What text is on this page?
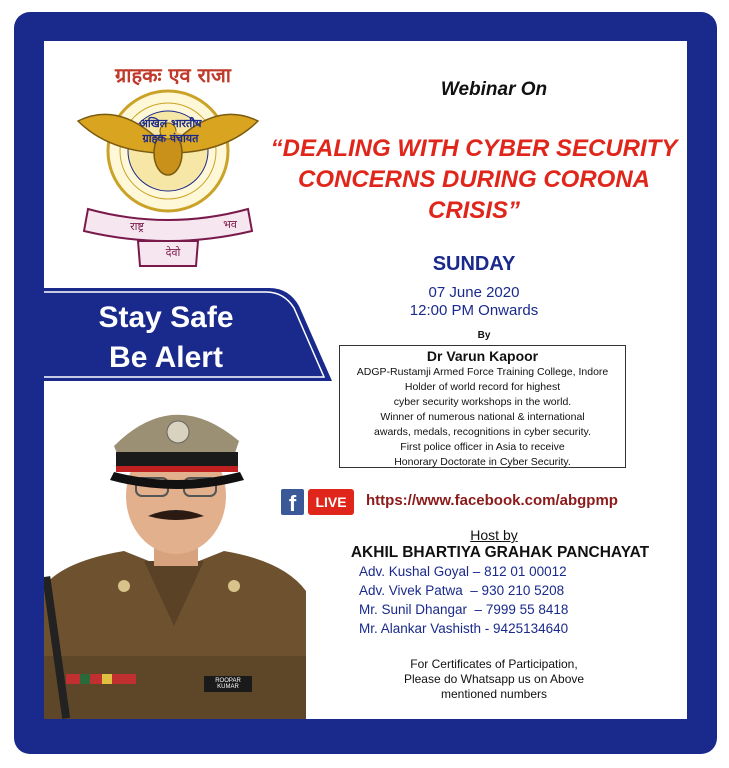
ग्राहकः एव राजा
अखिल भारतीय ग्राहक पंचायत
राष्ट्र	भव
देवो
Webinar On
“DEALING WITH CYBER SECURITY
CONCERNS DURING CORONA
CRISIS”
SUNDAY
07 June 2020
12:00 PM Onwards
By
Dr Varun Kapoor
ADGP-Rustamji Armed Force Training College, Indore
Holder of world record for highest
cyber security workshops in the world.
Winner of numerous national & international
awards, medals, recognitions in cyber security.
First police officer in Asia to receive
Honorary Doctorate in Cyber Security.
Stay Safe
Be Alert
ROOPAR KUMAR
f	LIVE	https://www.facebook.com/abgpmp
Host by
AKHIL BHARTIYA GRAHAK PANCHAYAT
Adv. Kushal Goyal – 812 01 00012
Adv. Vivek Patwa  – 930 210 5208
Mr. Sunil Dhangar  – 7999 55 8418
Mr. Alankar Vashisth - 9425134640
For Certificates of Participation,
Please do Whatsapp us on Above
mentioned numbers
